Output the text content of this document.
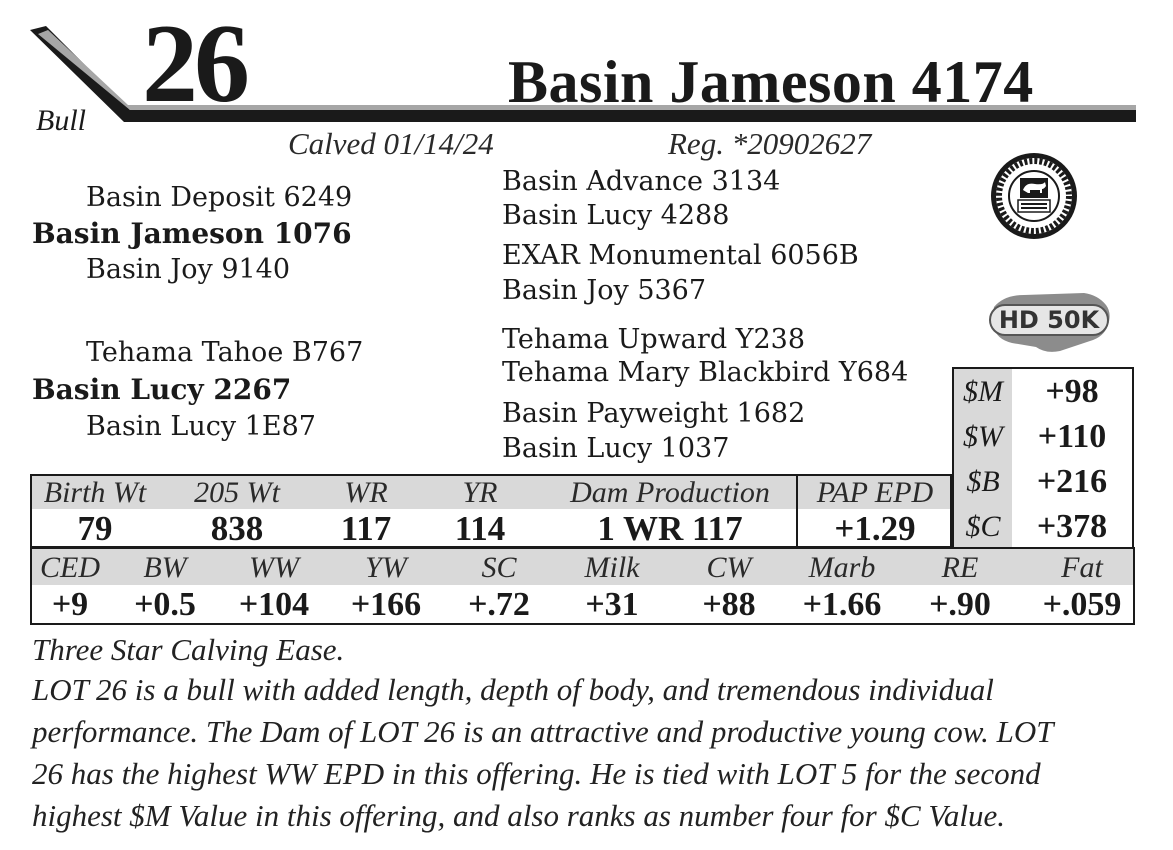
26
Bull
Basin Jameson 4174
Calved 01/14/24	Reg. *20902627
Basin Deposit 6249
Basin Jameson 1076
Basin Joy 9140
Tehama Tahoe B767
Basin Lucy 2267
Basin Lucy 1E87
Basin Advance 3134
Basin Lucy 4288
EXAR Monumental 6056B
Basin Joy 5367
Tehama Upward Y238
Tehama Mary Blackbird Y684
Basin Payweight 1682
Basin Lucy 1037
HD 50K
$M	+98
$W	+110
$B	+216
$C	+378
Birth Wt	205 Wt	WR	YR	Dam Production	PAP EPD
79	838	117	114	1 WR 117	+1.29
CED	BW	WW	YW	SC	Milk	CW	Marb	RE	Fat
+9	+0.5 +104 +166	+.72	+31	+88	+1.66	+.90	+.059
Three Star Calving Ease.
LOT 26 is a bull with added length, depth of body, and tremendous individual
performance. The Dam of LOT 26 is an attractive and productive young cow. LOT
26 has the highest WW EPD in this offering. He is tied with LOT 5 for the second
highest $M Value in this offering, and also ranks as number four for $C Value.
